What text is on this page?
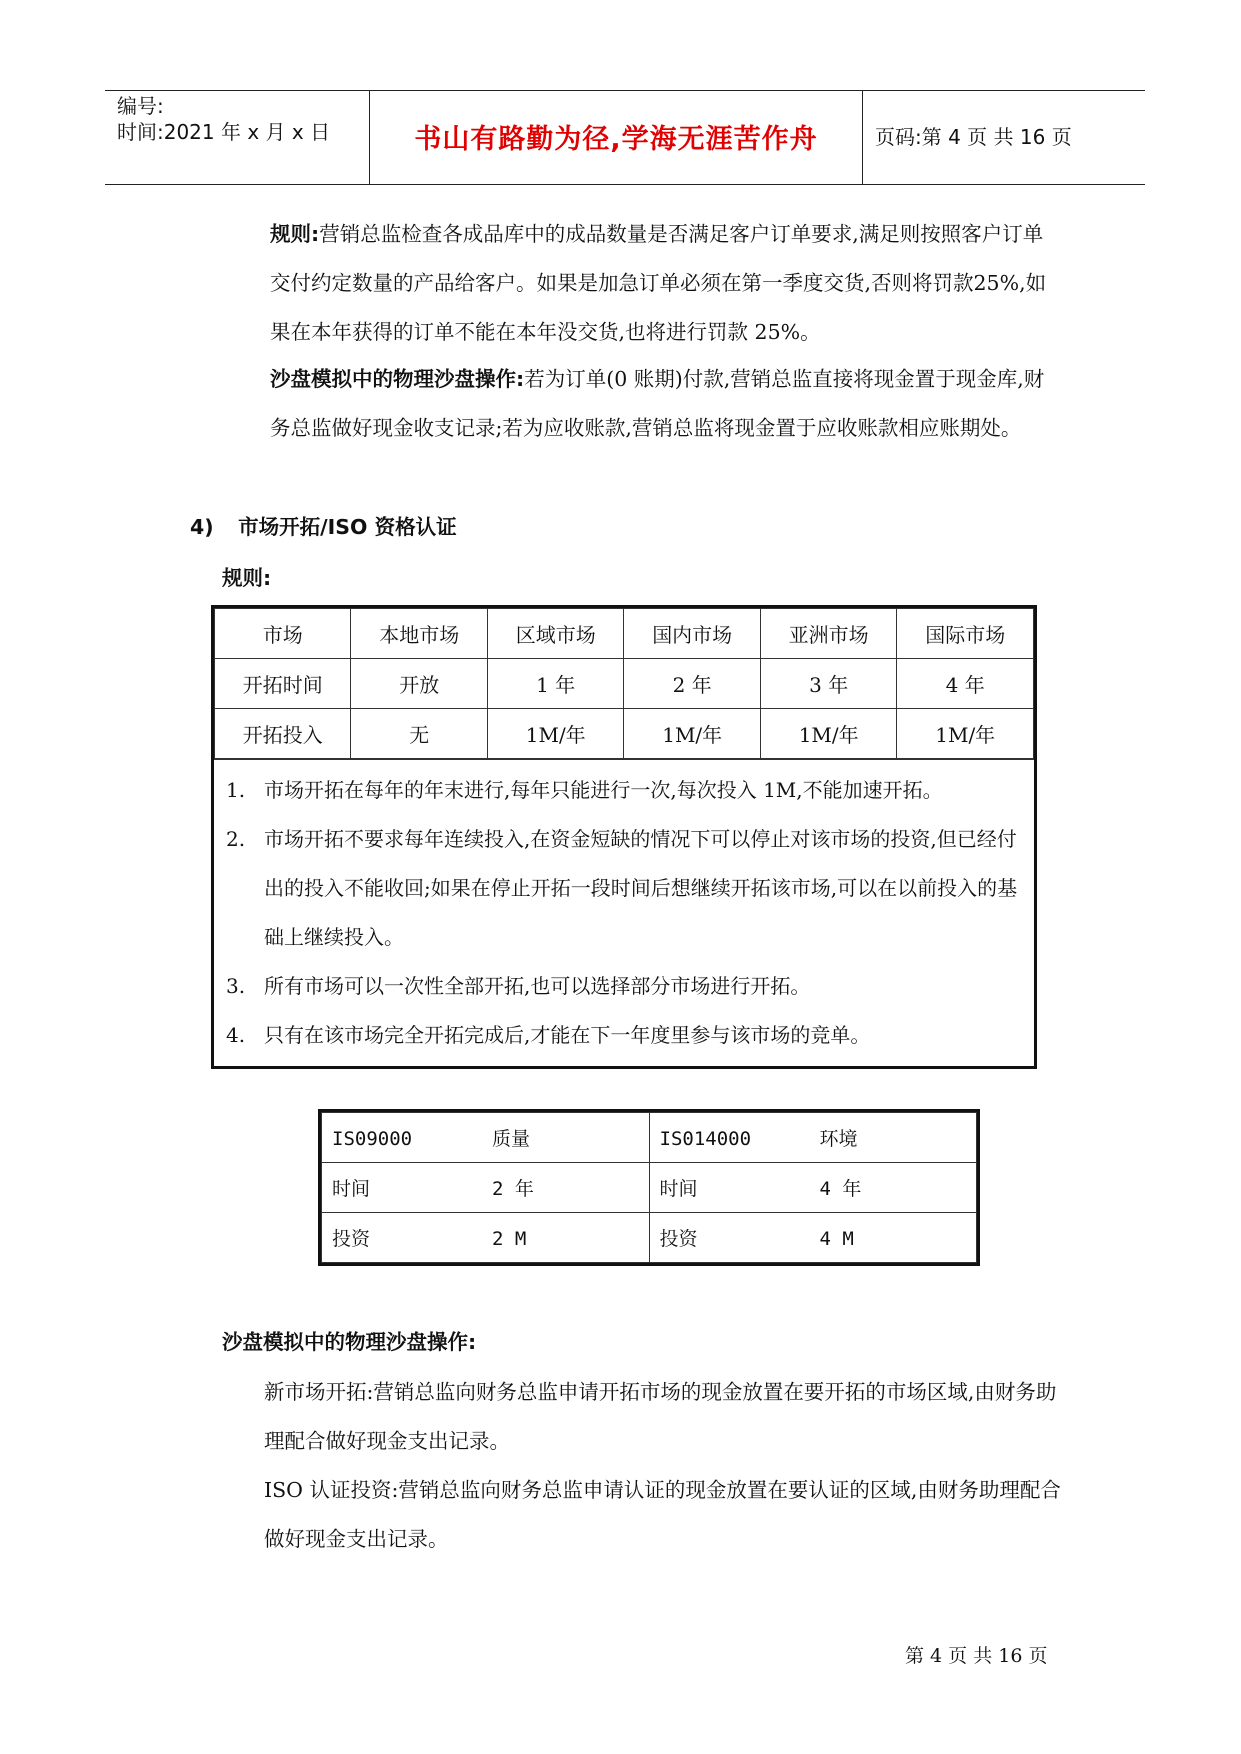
编号:
时间:2021 年 x 月 x 日	书山有路勤为径,学海无涯苦作舟	页码:第 4 页 共 16 页
规则:营销总监检查各成品库中的成品数量是否满足客户订单要求,满足则按照客户订单交付约定数量的产品给客户。如果是加急订单必须在第一季度交货,否则将罚款25%,如果在本年获得的订单不能在本年没交货,也将进行罚款 25%。
沙盘模拟中的物理沙盘操作:若为订单(0 账期)付款,营销总监直接将现金置于现金库,财务总监做好现金收支记录;若为应收账款,营销总监将现金置于应收账款相应账期处。
4) 市场开拓/ISO 资格认证
规则:
市场	本地市场	区域市场	国内市场	亚洲市场	国际市场
开拓时间	开放	1 年	2 年	3 年	4 年
开拓投入	无	1M/年	1M/年	1M/年	1M/年
1. 市场开拓在每年的年末进行,每年只能进行一次,每次投入 1M,不能加速开拓。
2. 市场开拓不要求每年连续投入,在资金短缺的情况下可以停止对该市场的投资,但已经付出的投入不能收回;如果在停止开拓一段时间后想继续开拓该市场,可以在以前投入的基础上继续投入。
3. 所有市场可以一次性全部开拓,也可以选择部分市场进行开拓。
4. 只有在该市场完全开拓完成后,才能在下一年度里参与该市场的竞单。
IS09000 质量	IS014000 环境
时间 2 年	时间 4 年
投资 2 M	投资 4 M
沙盘模拟中的物理沙盘操作:
新市场开拓:营销总监向财务总监申请开拓市场的现金放置在要开拓的市场区域,由财务助理配合做好现金支出记录。
ISO 认证投资:营销总监向财务总监申请认证的现金放置在要认证的区域,由财务助理配合做好现金支出记录。
第 4 页 共 16 页
